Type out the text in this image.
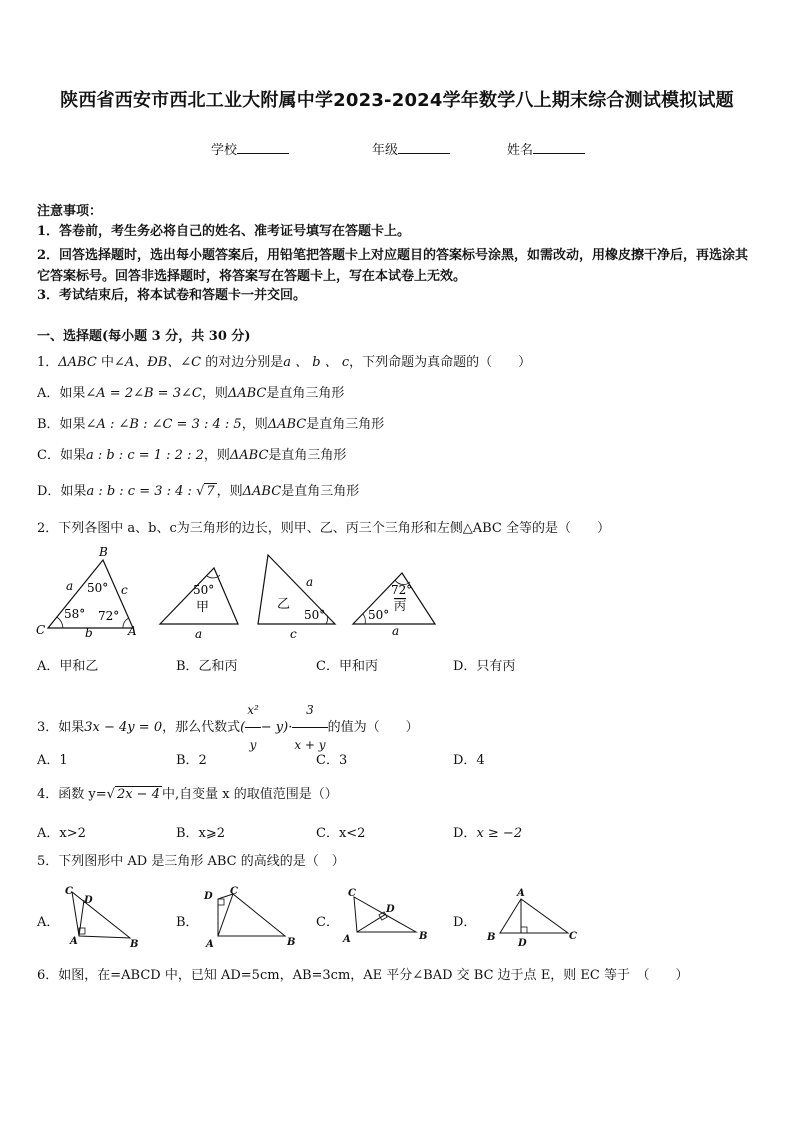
陕西省西安市西北工业大附属中学2023-2024学年数学八上期末综合测试模拟试题
学校	年级	姓名
注意事项：
1．答卷前，考生务必将自己的姓名、准考证号填写在答题卡上。
2．回答选择题时，选出每小题答案后，用铅笔把答题卡上对应题目的答案标号涂黑，如需改动，用橡皮擦干净后，再选涂其它答案标号。回答非选择题时，将答案写在答题卡上，写在本试卷上无效。
3．考试结束后，将本试卷和答题卡一并交回。
一、选择题(每小题 3 分，共 30 分)
1．ΔABC 中∠A、ÐB、∠C 的对边分别是a 、 b 、 c，下列命题为真命题的（　　）
A．如果∠A = 2∠B = 3∠C，则ΔABC是直角三角形
B．如果∠A : ∠B : ∠C = 3 : 4 : 5，则ΔABC是直角三角形
C．如果a : b : c = 1 : 2 : 2，则ΔABC是直角三角形
D．如果a : b : c = 3 : 4 : √ 7 ，则ΔABC是直角三角形
2．下列各图中 a、b、c为三角形的边长，则甲、乙、丙三个三角形和左侧△ABC 全等的是（　　）
B
C	A
a	c
b
50°
58° 72°
50°
甲
a
a
乙
50°
c
72°
丙
50°
a
A．甲和乙	B．乙和丙	C．甲和丙	D．只有丙
3．如果3x − 4y = 0，那么代数式( $\frac{\text{x²}}{y} - y)\cdot \frac{3}{x + y}$ 的值为（　　）
A．1	B．2	C．3	D．4
4．函数 y=√ 2x − 4 中,自变量 x 的取值范围是（）
A．x>2	B．x⩾2	C．x<2	D．x ≥ −2
5．下列图形中 AD 是三角形 ABC 的高线的是（　）
A．	B．	C．	D．
C
D
A	B
D C
A	B
C
D
A	B
A
B
D
C
6．如图，在=ABCD 中，已知 AD=5cm，AB=3cm，AE 平分∠BAD 交 BC 边于点 E，则 EC 等于　（　　）
